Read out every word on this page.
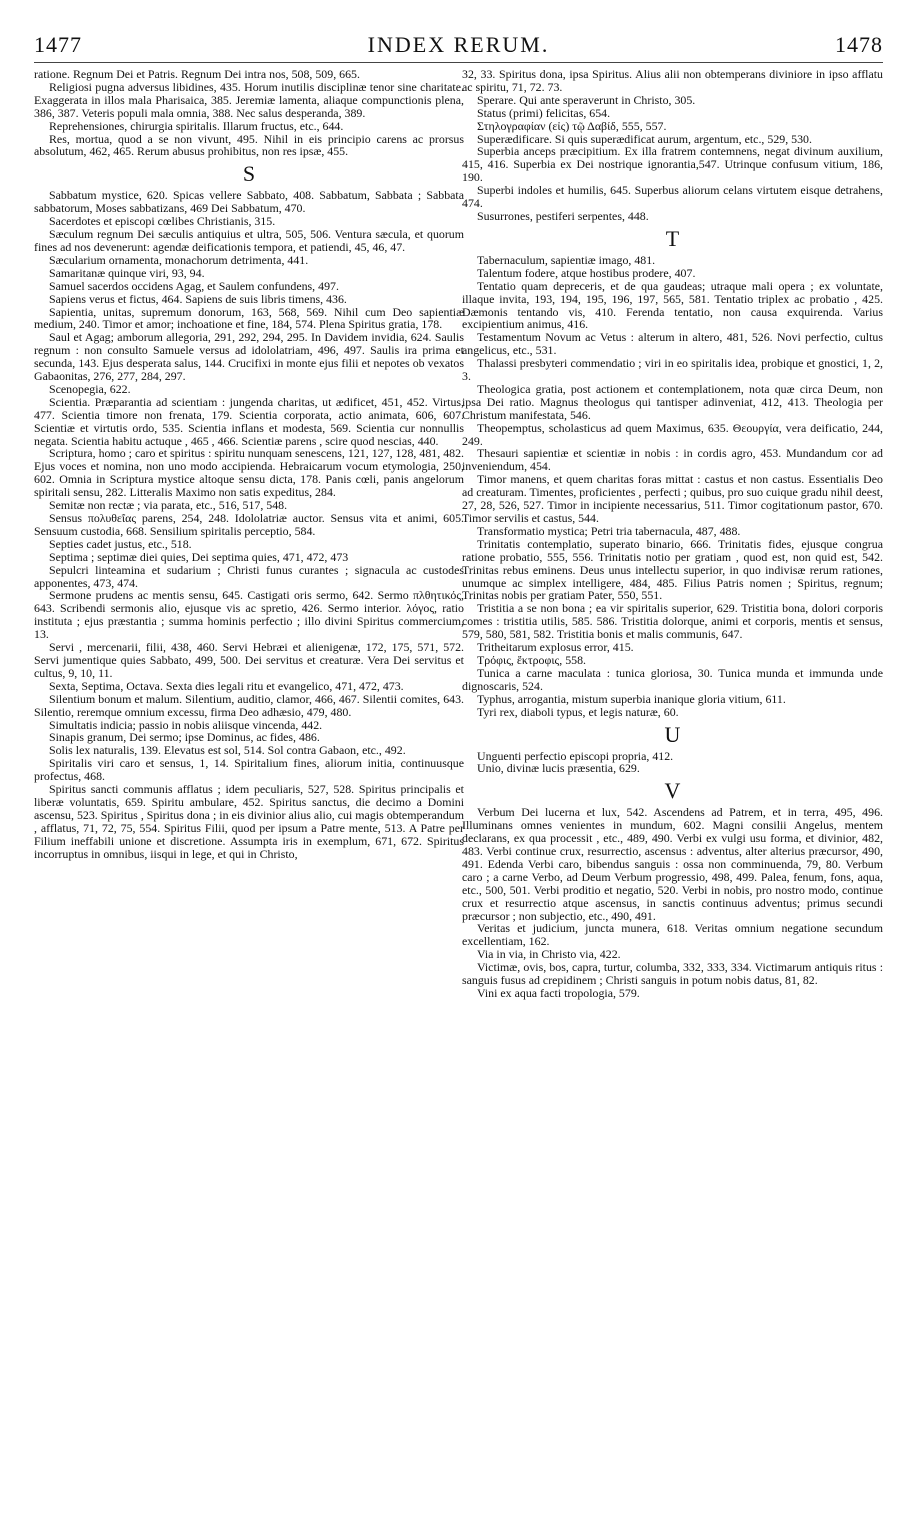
1477	INDEX RERUM.	1478
ratione. Regnum Dei et Patris. Regnum Dei intra nos, 508, 509, 665.
Religiosi pugna adversus libidines, 435. Horum inutilis disciplinæ tenor sine charitate. Exaggerata in illos mala Pharisaica, 385. Jeremiæ lamenta, aliaque compunctionis plena, 386, 387. Veteris populi mala omnia, 388. Nec salus desperanda, 389.
Reprehensiones, chirurgia spiritalis. Illarum fructus, etc., 644.
Res, mortua, quod a se non vivunt, 495. Nihil in eis principio carens ac prorsus absolutum, 462, 465. Rerum abusus prohibitus, non res ipsæ, 455.
S
Sabbatum mystice, 620. Spicas vellere Sabbato, 408. Sabbatum, Sabbata ; Sabbata sabbatorum, Moses sabbatizans, 469 Dei Sabbatum, 470.
Sacerdotes et episcopi cœlibes Christianis, 315.
Sæculum regnum Dei sæculis antiquius et ultra, 505, 506. Ventura sæcula, et quorum fines ad nos devenerunt: agendæ deificationis tempora, et patiendi, 45, 46, 47.
Sæcularium ornamenta, monachorum detrimenta, 441.
Samaritanæ quinque viri, 93, 94.
Samuel sacerdos occidens Agag, et Saulem confundens, 497.
Sapiens verus et fictus, 464. Sapiens de suis libris timens, 436.
Sapientia, unitas, supremum donorum, 163, 568, 569. Nihil cum Deo sapientiæ medium, 240. Timor et amor; inchoatione et fine, 184, 574. Plena Spiritus gratia, 178.
Saul et Agag; amborum allegoria, 291, 292, 294, 295. In Davidem invidia, 624. Saulis regnum : non consulto Samuele versus ad idololatriam, 496, 497. Saulis ira prima et secunda, 143. Ejus desperata salus, 144. Crucifixi in monte ejus filii et nepotes ob vexatos Gabaonitas, 276, 277, 284, 297.
Scenopegia, 622.
Scientia. Præparantia ad scientiam : jungenda charitas, ut ædificet, 451, 452. Virtus, 477. Scientia timore non frenata, 179. Scientia corporata, actio animata, 606, 607. Scientiæ et virtutis ordo, 535. Scientia inflans et modesta, 569. Scientia cur nonnullis negata. Scientia habitu actuque , 465 , 466. Scientiæ parens , scire quod nescias, 440.
Scriptura, homo ; caro et spiritus : spiritu nunquam senescens, 121, 127, 128, 481, 482. Ejus voces et nomina, non uno modo accipienda. Hebraicarum vocum etymologia, 250, 602. Omnia in Scriptura mystice altoque sensu dicta, 178. Panis cœli, panis angelorum spiritali sensu, 282. Litteralis Maximo non satis expeditus, 284.
Semitæ non rectæ ; via parata, etc., 516, 517, 548.
Sensus πολυθεΐας parens, 254, 248. Idololatriæ auctor. Sensus vita et animi, 605. Sensuum custodia, 668. Sensilium spiritalis perceptio, 584.
Septies cadet justus, etc., 518.
Septima ; septimæ diei quies, Dei septima quies, 471, 472, 473
Sepulcri linteamina et sudarium ; Christi funus curantes ; signacula ac custodes apponentes, 473, 474.
Sermone prudens ac mentis sensu, 645. Castigati oris sermo, 642. Sermo πλθητικός, 643. Scribendi sermonis alio, ejusque vis ac spretio, 426. Sermo interior. λόγος, ratio instituta ; ejus præstantia ; summa hominis perfectio ; illo divini Spiritus commercium, 13.
Servi , mercenarii, filii, 438, 460. Servi Hebræi et alienigenæ, 172, 175, 571, 572. Servi jumentique quies Sabbato, 499, 500. Dei servitus et creaturæ. Vera Dei servitus et cultus, 9, 10, 11.
Sexta, Septima, Octava. Sexta dies legali ritu et evangelico, 471, 472, 473.
Silentium bonum et malum. Silentium, auditio, clamor, 466, 467. Silentii comites, 643. Silentio, reremque omnium excessu, firma Deo adhæsio, 479, 480.
Simultatis indicia; passio in nobis aliisque vincenda, 442.
Sinapis granum, Dei sermo; ipse Dominus, ac fides, 486.
Solis lex naturalis, 139. Elevatus est sol, 514. Sol contra Gabaon, etc., 492.
Spiritalis viri caro et sensus, 1, 14. Spiritalium fines, aliorum initia, continuusque profectus, 468.
Spiritus sancti communis afflatus ; idem peculiaris, 527, 528. Spiritus principalis et liberæ voluntatis, 659. Spiritu ambulare, 452. Spiritus sanctus, die decimo a Domini ascensu, 523. Spiritus , Spiritus dona ; in eis divinior alius alio, cui magis obtemperandum , afflatus, 71, 72, 75, 554. Spiritus Filii, quod per ipsum a Patre mente, 513. A Patre per Filium ineffabili unione et discretione. Assumpta iris in exemplum, 671, 672. Spiritus incorruptus in omnibus, iisqui in lege, et qui in Christo,
32, 33. Spiritus dona, ipsa Spiritus. Alius alii non obtemperans diviniore in ipso afflatu ac spiritu, 71, 72. 73.
Sperare. Qui ante speraverunt in Christo, 305.
Status (primi) felicitas, 654.
Στηλογραφίαν (εἰς) τῷ Δαβίδ, 555, 557.
Superædificare. Si quis superædificat aurum, argentum, etc., 529, 530.
Superbia anceps præcipitium. Ex illa fratrem contemnens, negat divinum auxilium, 415, 416. Superbia ex Dei nostrique ignorantia,547. Utrinque confusum vitium, 186, 190.
Superbi indoles et humilis, 645. Superbus aliorum celans virtutem eisque detrahens, 474.
Susurrones, pestiferi serpentes, 448.
T
Tabernaculum, sapientiæ imago, 481.
Talentum fodere, atque hostibus prodere, 407.
Tentatio quam depreceris, et de qua gaudeas; utraque mali opera ; ex voluntate, illaque invita, 193, 194, 195, 196, 197, 565, 581. Tentatio triplex ac probatio , 425. Dæmonis tentando vis, 410. Ferenda tentatio, non causa exquirenda. Varius excipientium animus, 416.
Testamentum Novum ac Vetus : alterum in altero, 481, 526. Novi perfectio, cultus angelicus, etc., 531.
Thalassi presbyteri commendatio ; viri in eo spiritalis idea, probique et gnostici, 1, 2, 3.
Theologica gratia, post actionem et contemplationem, nota quæ circa Deum, non ipsa Dei ratio. Magnus theologus qui tantisper adinveniat, 412, 413. Theologia per Christum manifestata, 546.
Theopemptus, scholasticus ad quem Maximus, 635. Θεουργία, vera deificatio, 244, 249.
Thesauri sapientiæ et scientiæ in nobis : in cordis agro, 453. Mundandum cor ad inveniendum, 454.
Timor manens, et quem charitas foras mittat : castus et non castus. Essentialis Deo ad creaturam. Timentes, proficientes , perfecti ; quibus, pro suo cuique gradu nihil deest, 27, 28, 526, 527. Timor in incipiente necessarius, 511. Timor cogitationum pastor, 670. Timor servilis et castus, 544.
Transformatio mystica; Petri tria tabernacula, 487, 488.
Trinitatis contemplatio, superato binario, 666. Trinitatis fides, ejusque congrua ratione probatio, 555, 556. Trinitatis notio per gratiam , quod est, non quid est, 542. Trinitas rebus eminens. Deus unus intellectu superior, in quo indivisæ rerum rationes, unumque ac simplex intelligere, 484, 485. Filius Patris nomen ; Spiritus, regnum; Trinitas nobis per gratiam Pater, 550, 551.
Tristitia a se non bona ; ea vir spiritalis superior, 629. Tristitia bona, dolori corporis comes : tristitia utilis, 585. 586. Tristitia dolorque, animi et corporis, mentis et sensus, 579, 580, 581, 582. Tristitia bonis et malis communis, 647.
Tritheitarum explosus error, 415.
Τρόφις, ἔκτροφις, 558.
Tunica a carne maculata : tunica gloriosa, 30. Tunica munda et immunda unde dignoscaris, 524.
Typhus, arrogantia, mistum superbia inanique gloria vitium, 611.
Tyri rex, diaboli typus, et legis naturæ, 60.
U
Unguenti perfectio episcopi propria, 412.
Unio, divinæ lucis præsentia, 629.
V
Verbum Dei lucerna et lux, 542. Ascendens ad Patrem, et in terra, 495, 496. Illuminans omnes venientes in mundum, 602. Magni consilii Angelus, mentem declarans, ex qua processit , etc., 489, 490. Verbi ex vulgi usu forma, et divinior, 482, 483. Verbi continue crux, resurrectio, ascensus : adventus, alter alterius præcursor, 490, 491. Edenda Verbi caro, bibendus sanguis : ossa non comminuenda, 79, 80. Verbum caro ; a carne Verbo, ad Deum Verbum progressio, 498, 499. Palea, fenum, fons, aqua, etc., 500, 501. Verbi proditio et negatio, 520. Verbi in nobis, pro nostro modo, continue crux et resurrectio atque ascensus, in sanctis continuus adventus; primus secundi præcursor ; non subjectio, etc., 490, 491.
Veritas et judicium, juncta munera, 618. Veritas omnium negatione secundum excellentiam, 162.
Via in via, in Christo via, 422.
Victimæ, ovis, bos, capra, turtur, columba, 332, 333, 334. Victimarum antiquis ritus : sanguis fusus ad crepidinem ; Christi sanguis in potum nobis datus, 81, 82.
Vini ex aqua facti tropologia, 579.
